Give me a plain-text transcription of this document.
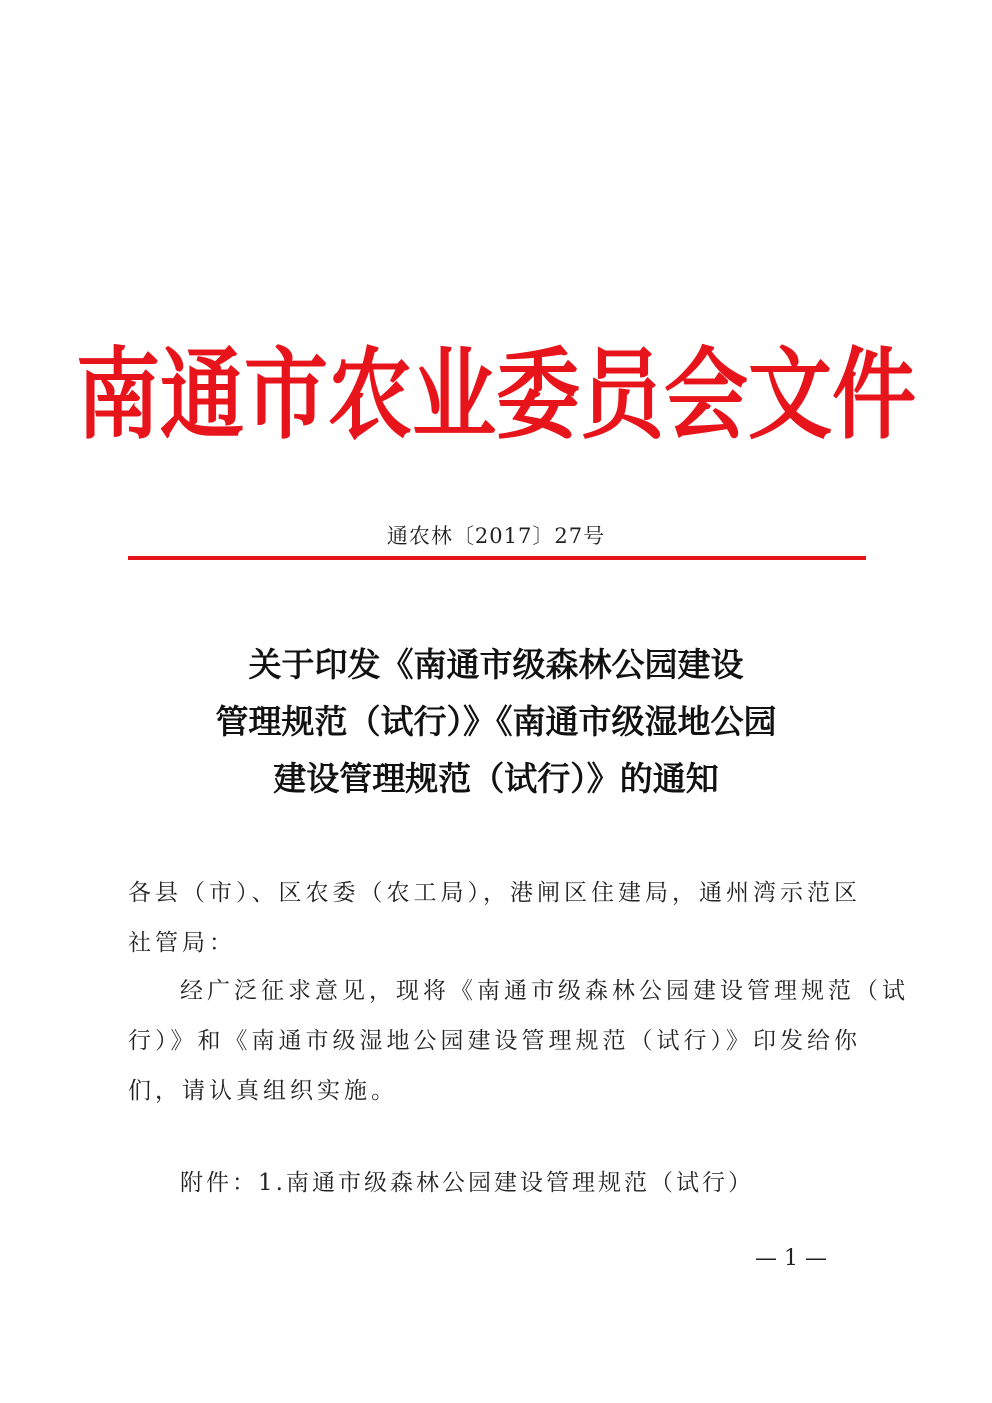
南通市农业委员会文件
通农林〔2017〕27号
关于印发《南通市级森林公园建设
管理规范（试行）》《南通市级湿地公园
建设管理规范（试行）》的通知
各县（市）、区农委（农工局），港闸区住建局，通州湾示范区
社管局：
经广泛征求意见，现将《南通市级森林公园建设管理规范（试
行）》和《南通市级湿地公园建设管理规范（试行）》印发给你
们，请认真组织实施。
附件：1.南通市级森林公园建设管理规范（试行）
— 1 —
